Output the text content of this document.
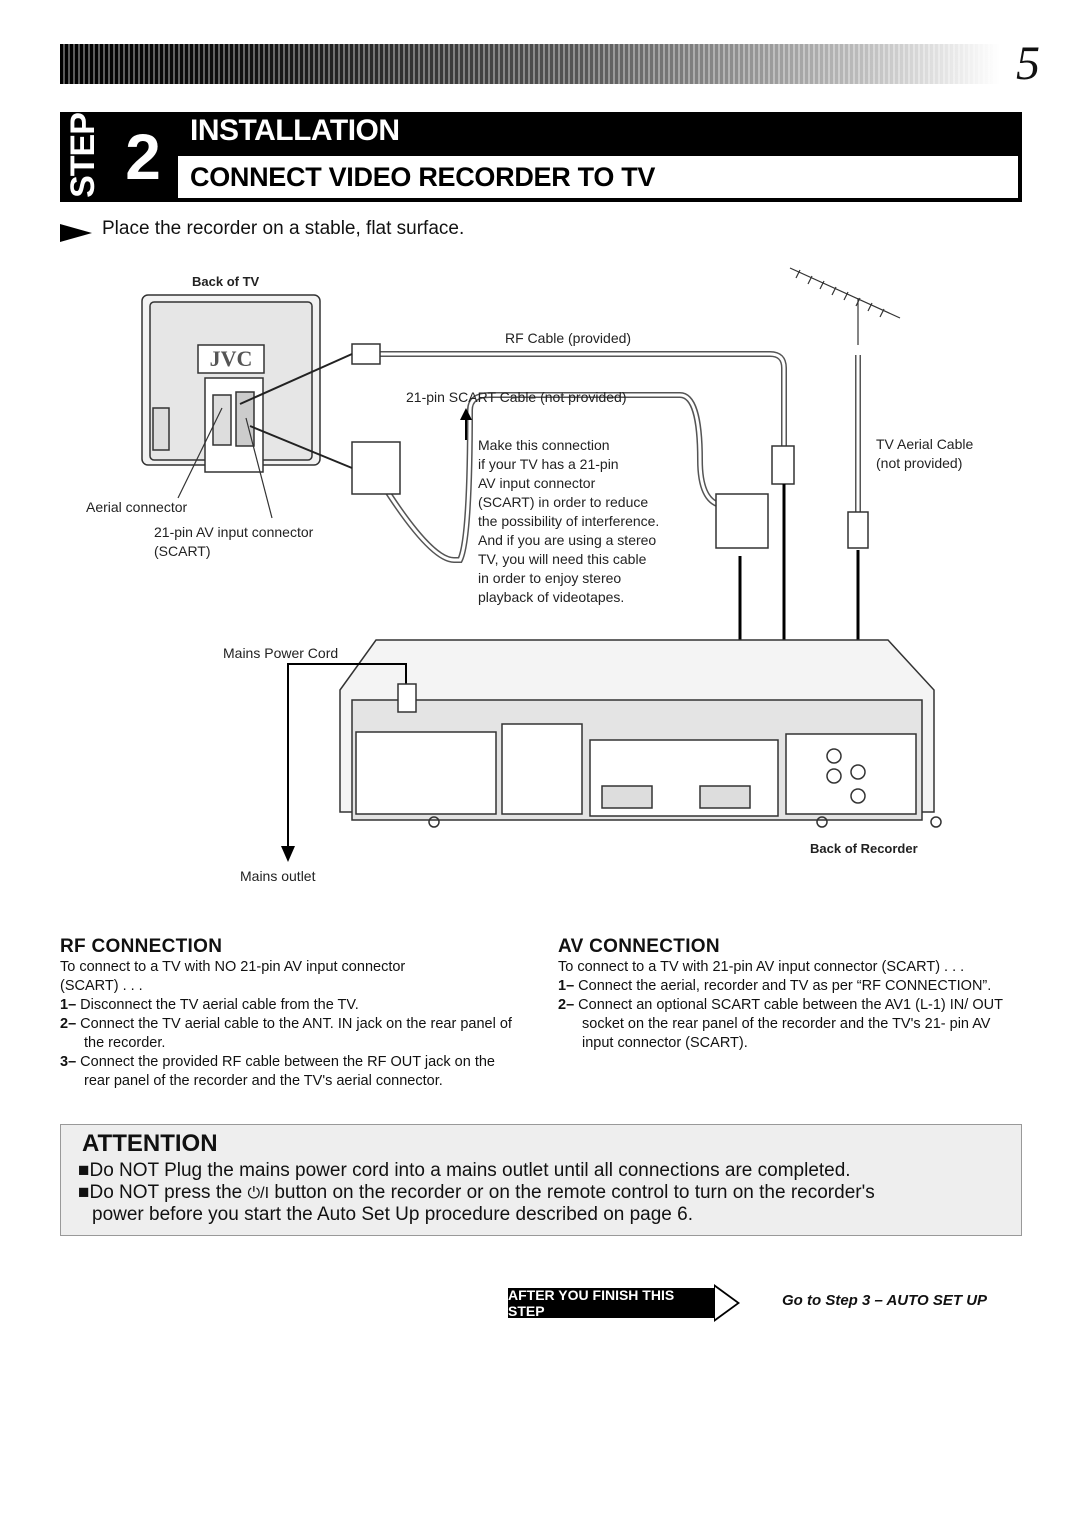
5
STEP 2 INSTALLATION
CONNECT VIDEO RECORDER TO TV
Place the recorder on a stable, flat surface.
JVC
Back of TV
RF Cable (provided)
21-pin SCART Cable (not provided)
Make this connection
if your TV has a 21-pin
AV input connector
(SCART) in order to reduce
the possibility of interference.
And if you are using a stereo
TV, you will need this cable
in order to enjoy stereo
playback of videotapes.
TV Aerial Cable
(not provided)
Aerial connector
21-pin AV input connector
(SCART)
Mains Power Cord
Mains outlet
Back of Recorder
RF CONNECTION
To connect to a TV with NO 21-pin AV input connector
(SCART) . . .
1– Disconnect the TV aerial cable from the TV.
2– Connect the TV aerial cable to the ANT. IN jack on the rear panel of the recorder.
3– Connect the provided RF cable between the RF OUT jack on the rear panel of the recorder and the TV's aerial connector.
AV CONNECTION
To connect to a TV with 21-pin AV input connector (SCART) . . .
1– Connect the aerial, recorder and TV as per “RF CONNECTION”.
2– Connect an optional SCART cable between the AV1 (L-1) IN/ OUT socket on the rear panel of the recorder and the TV's 21- pin AV input connector (SCART).
ATTENTION
■Do NOT Plug the mains power cord into a mains outlet until all connections are completed.
■Do NOT press the ⏻/I button on the recorder or on the remote control to turn on the recorder's
power before you start the Auto Set Up procedure described on page 6.
AFTER YOU FINISH THIS STEP
Go to Step 3 – AUTO SET UP
